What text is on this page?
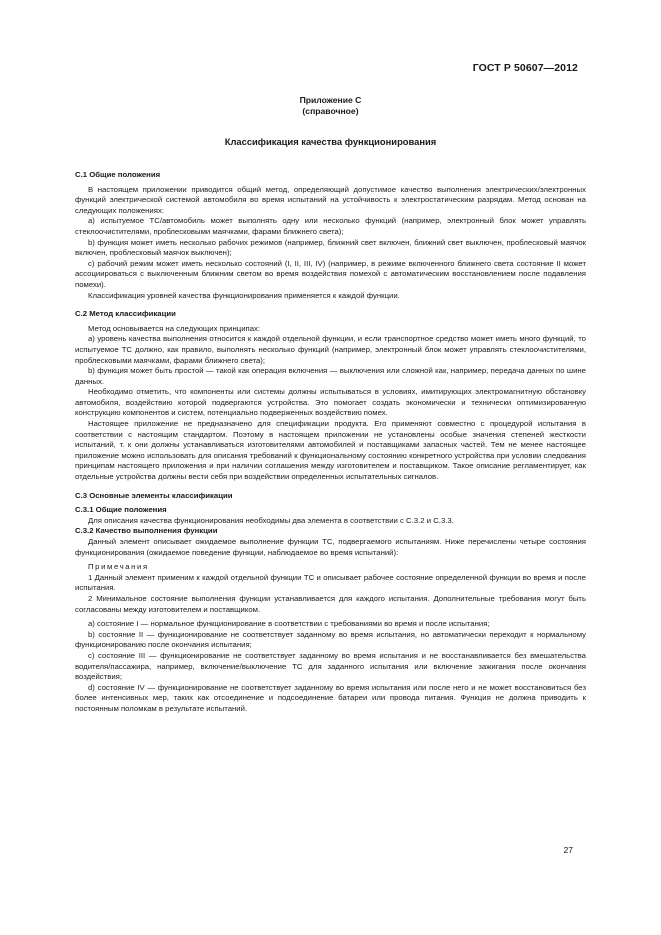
ГОСТ Р 50607—2012
Приложение С
(справочное)
Классификация качества функционирования

С.1 Общие положения

В настоящем приложении приводится общий метод, определяющий допустимое качество выполнения электрических/электронных функций электрической системой автомобиля во время испытаний на устойчивость к электростатическим разрядам. Метод основан на следующих положениях:

а) испытуемое ТС/автомобиль может выполнять одну или несколько функций (например, электронный блок может управлять стеклоочистителями, проблесковыми маячками, фарами ближнего света);

b) функция может иметь несколько рабочих режимов (например, ближний свет включен, ближний свет выключен, проблесковый маячок включен, проблесковый маячок выключен);

с) рабочий режим может иметь несколько состояний (I, II, III, IV) (например, в режиме включенного ближнего света состояние II может ассоциироваться с выключенным ближним светом во время воздействия помехой с автоматическим восстановлением после подавления помехи).

Классификация уровней качества функционирования применяется к каждой функции.

С.2 Метод классификации

Метод основывается на следующих принципах:

а) уровень качества выполнения относится к каждой отдельной функции, и если транспортное средство может иметь много функций, то испытуемое ТС должно, как правило, выполнять несколько функций (например, электронный блок может управлять стеклоочистителями, проблесковыми маячками, фарами ближнего света);

b) функция может быть простой — такой как операция включения — выключения или сложной как, например, передача данных по шине данных.

Необходимо отметить, что компоненты или системы должны испытываться в условиях, имитирующих электромагнитную обстановку автомобиля, воздействию которой подвергаются устройства. Это помогает создать экономически и технически оптимизированную конструкцию компонентов и систем, потенциально подверженных воздействию помех.

Настоящее приложение не предназначено для спецификации продукта. Его применяют совместно с процедурой испытания в соответствии с настоящим стандартом. Поэтому в настоящем приложении не установлены особые значения степеней жесткости испытаний, т. к они должны устанавливаться изготовителями автомобилей и поставщиками запасных частей. Тем не менее настоящее приложение можно использовать для описания требований к функциональному состоянию конкретного устройства при условии следования принципам настоящего приложения и при наличии соглашения между изготовителем и поставщиком. Такое описание регламентирует, как отдельные устройства должны вести себя при воздействии определенных испытательных сигналов.

С.3 Основные элементы классификации

С.3.1 Общие положения

Для описания качества функционирования необходимы два элемента в соответствии с С.3.2 и С.3.3.

С.3.2 Качество выполнения функции

Данный элемент описывает ожидаемое выполнение функции ТС, подвергаемого испытаниям. Ниже перечислены четыре состояния функционирования (ожидаемое поведение функции, наблюдаемое во время испытаний):

Примечания

1 Данный элемент применим к каждой отдельной функции ТС и описывает рабочее состояние определенной функции во время и после испытания.

2 Минимальное состояние выполнения функции устанавливается для каждого испытания. Дополнительные требования могут быть согласованы между изготовителем и поставщиком.

а) состояние I — нормальное функционирование в соответствии с требованиями во время и после испытания;

b) состояние II — функционирование не соответствует заданному во время испытания, но автоматически переходит к нормальному функционированию после окончания испытания;

с) состояние III — функционирование не соответствует заданному во время испытания и не восстанавливается без вмешательства водителя/пассажира, например, включение/выключение ТС для заданного испытания или включение зажигания после окончания воздействия;

d) состояние IV — функционирование не соответствует заданному во время испытания или после него и не может восстановиться без более интенсивных мер, таких как отсоединение и подсоединение батареи или провода питания. Функция не должна приводить к постоянным поломкам в результате испытаний.

27
